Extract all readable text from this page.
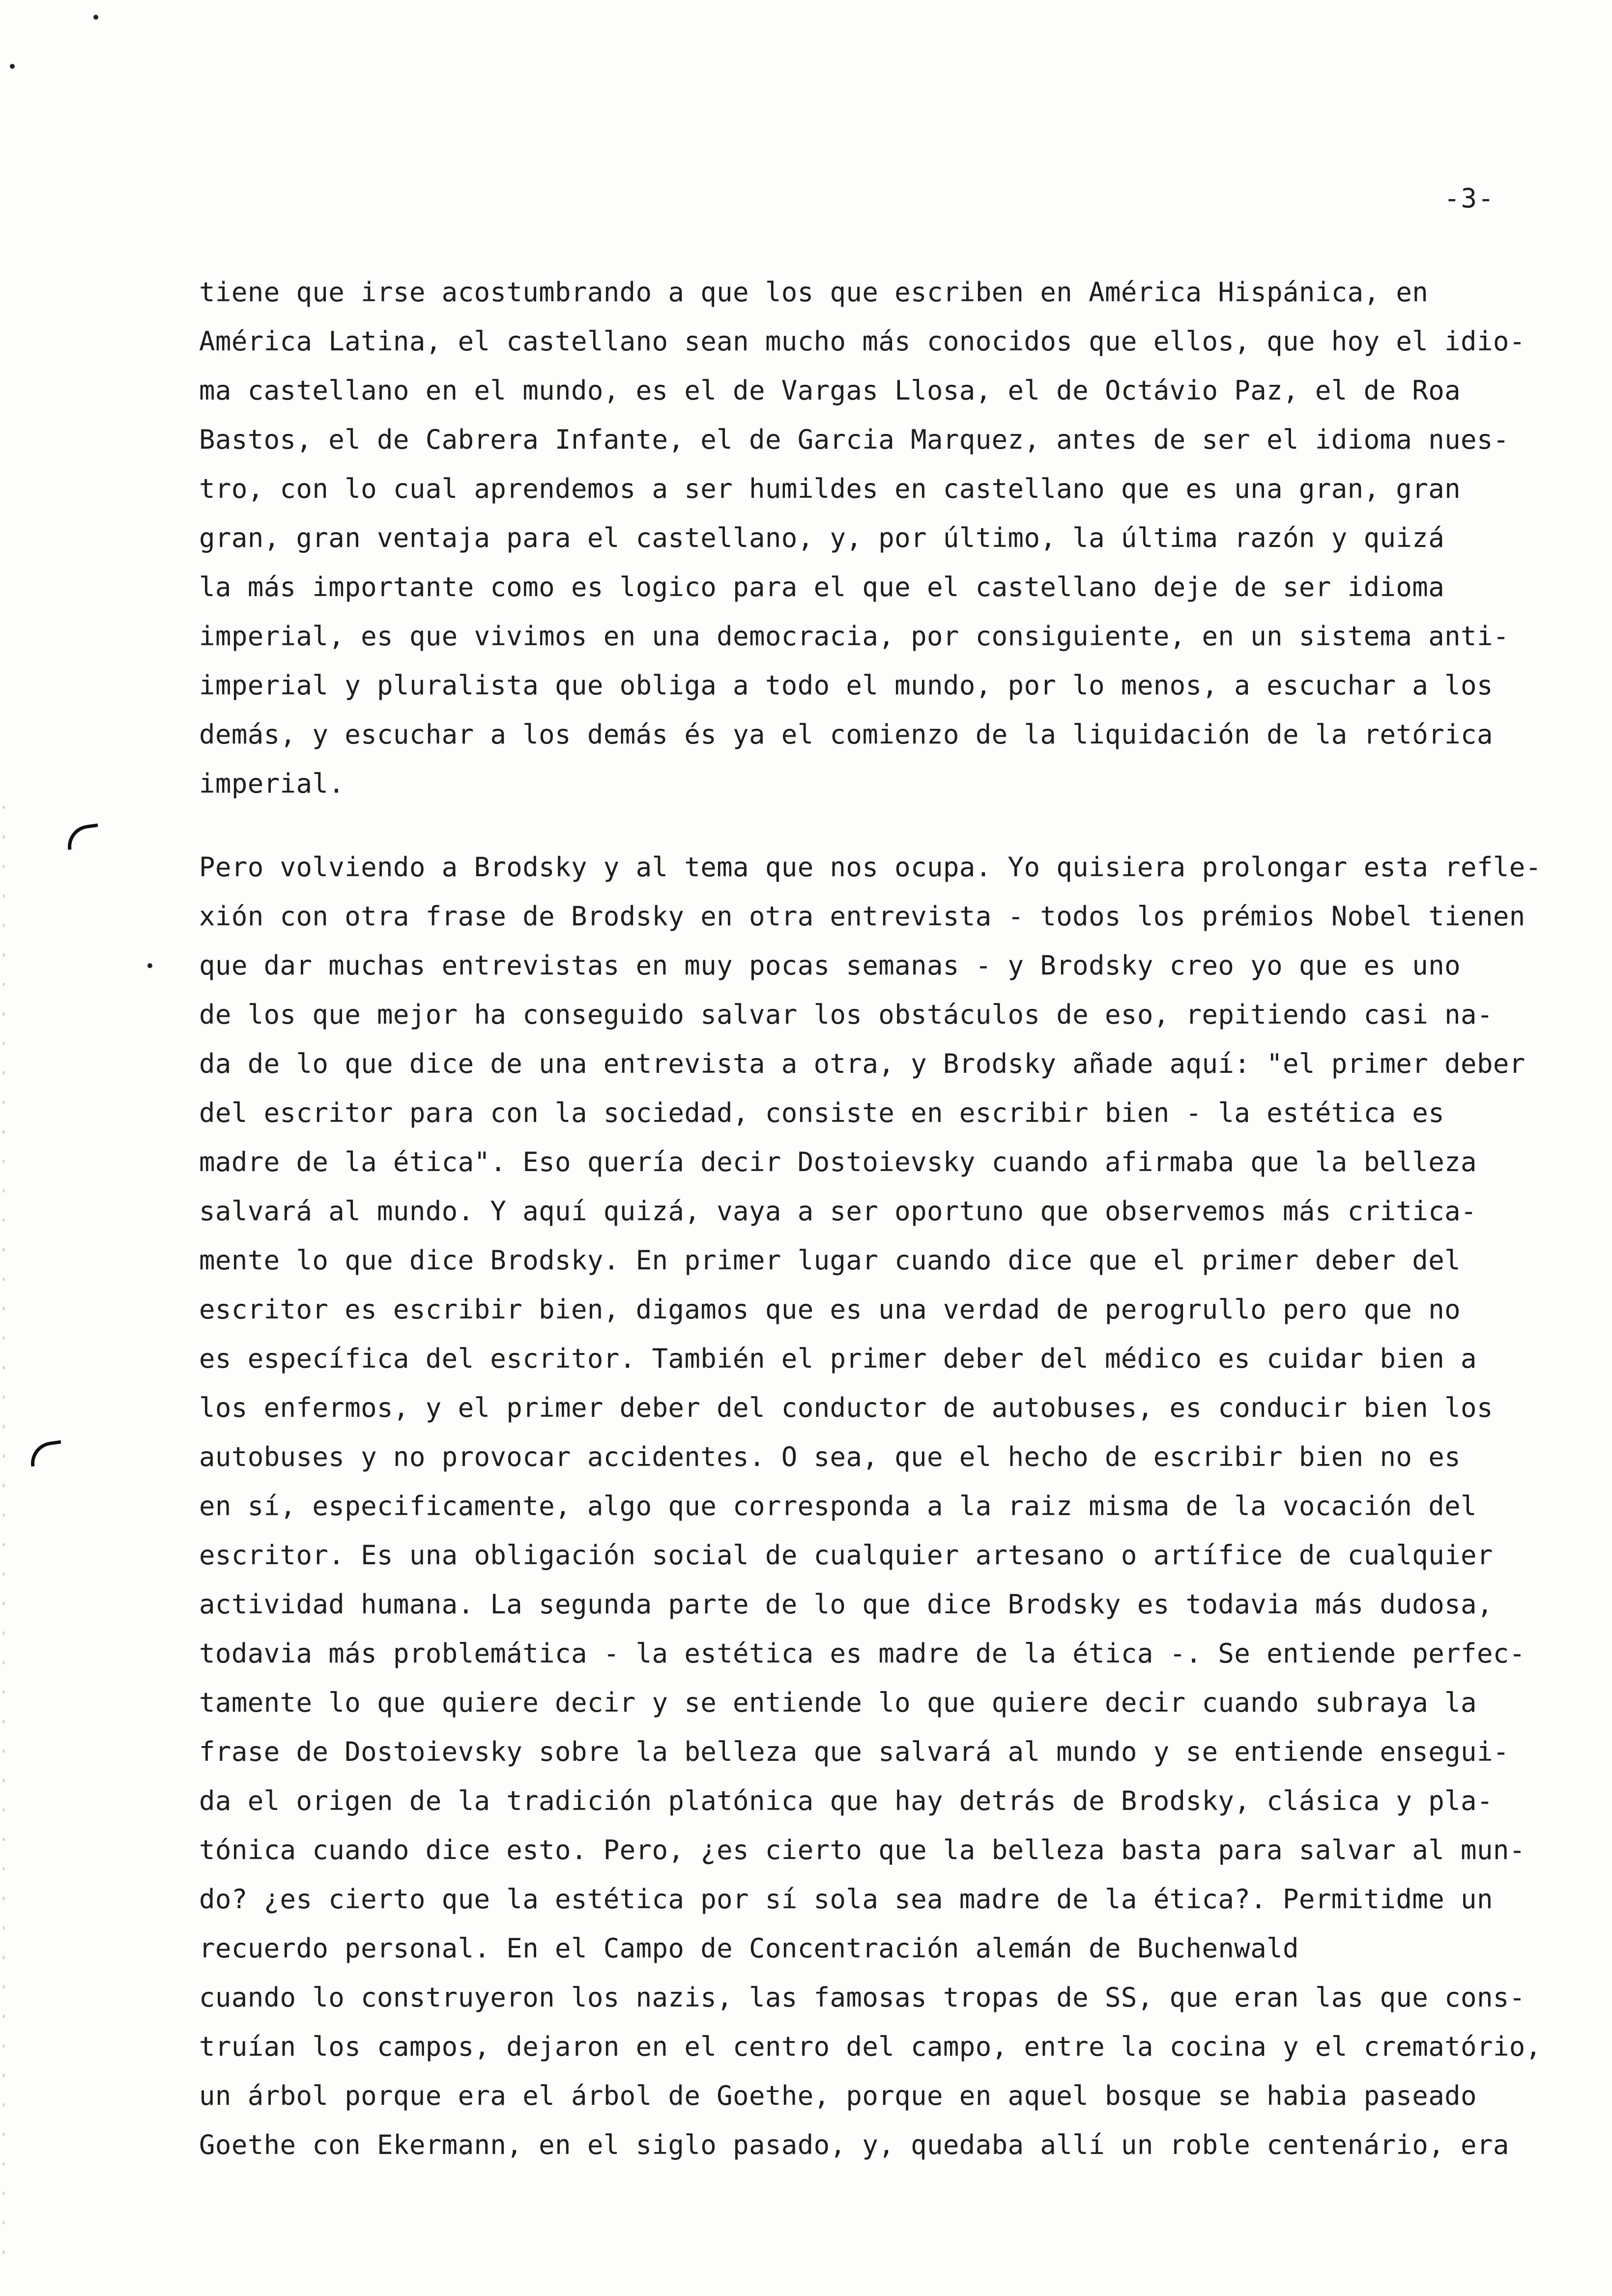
-3-
tiene que irse acostumbrando a que los que escriben en América Hispánica, en
América Latina, el castellano sean mucho más conocidos que ellos, que hoy el idio-
ma castellano en el mundo, es el de Vargas Llosa, el de Octávio Paz, el de Roa
Bastos, el de Cabrera Infante, el de Garcia Marquez, antes de ser el idioma nues-
tro, con lo cual aprendemos a ser humildes en castellano que es una gran, gran
gran, gran ventaja para el castellano, y, por último, la última razón y quizá
la más importante como es logico para el que el castellano deje de ser idioma
imperial, es que vivimos en una democracia, por consiguiente, en un sistema anti-
imperial y pluralista que obliga a todo el mundo, por lo menos, a escuchar a los
demás, y escuchar a los demás és ya el comienzo de la liquidación de la retórica
imperial.
Pero volviendo a Brodsky y al tema que nos ocupa. Yo quisiera prolongar esta refle-
xión con otra frase de Brodsky en otra entrevista - todos los prémios Nobel tienen
que dar muchas entrevistas en muy pocas semanas - y Brodsky creo yo que es uno
de los que mejor ha conseguido salvar los obstáculos de eso, repitiendo casi na-
da de lo que dice de una entrevista a otra, y Brodsky añade aquí: "el primer deber
del escritor para con la sociedad, consiste en escribir bien - la estética es
madre de la ética". Eso quería decir Dostoievsky cuando afirmaba que la belleza
salvará al mundo. Y aquí quizá, vaya a ser oportuno que observemos más critica-
mente lo que dice Brodsky. En primer lugar cuando dice que el primer deber del
escritor es escribir bien, digamos que es una verdad de perogrullo pero que no
es específica del escritor. También el primer deber del médico es cuidar bien a
los enfermos, y el primer deber del conductor de autobuses, es conducir bien los
autobuses y no provocar accidentes. O sea, que el hecho de escribir bien no es
en sí, especificamente, algo que corresponda a la raiz misma de la vocación del
escritor. Es una obligación social de cualquier artesano o artífice de cualquier
actividad humana. La segunda parte de lo que dice Brodsky es todavia más dudosa,
todavia más problemática - la estética es madre de la ética -. Se entiende perfec-
tamente lo que quiere decir y se entiende lo que quiere decir cuando subraya la
frase de Dostoievsky sobre la belleza que salvará al mundo y se entiende ensegui-
da el origen de la tradición platónica que hay detrás de Brodsky, clásica y pla-
tónica cuando dice esto. Pero, ¿es cierto que la belleza basta para salvar al mun-
do? ¿es cierto que la estética por sí sola sea madre de la ética?. Permitidme un
recuerdo personal. En el Campo de Concentración alemán de Buchenwald
cuando lo construyeron los nazis, las famosas tropas de SS, que eran las que cons-
truían los campos, dejaron en el centro del campo, entre la cocina y el crematório,
un árbol porque era el árbol de Goethe, porque en aquel bosque se habia paseado
Goethe con Ekermann, en el siglo pasado, y, quedaba allí un roble centenário, era
